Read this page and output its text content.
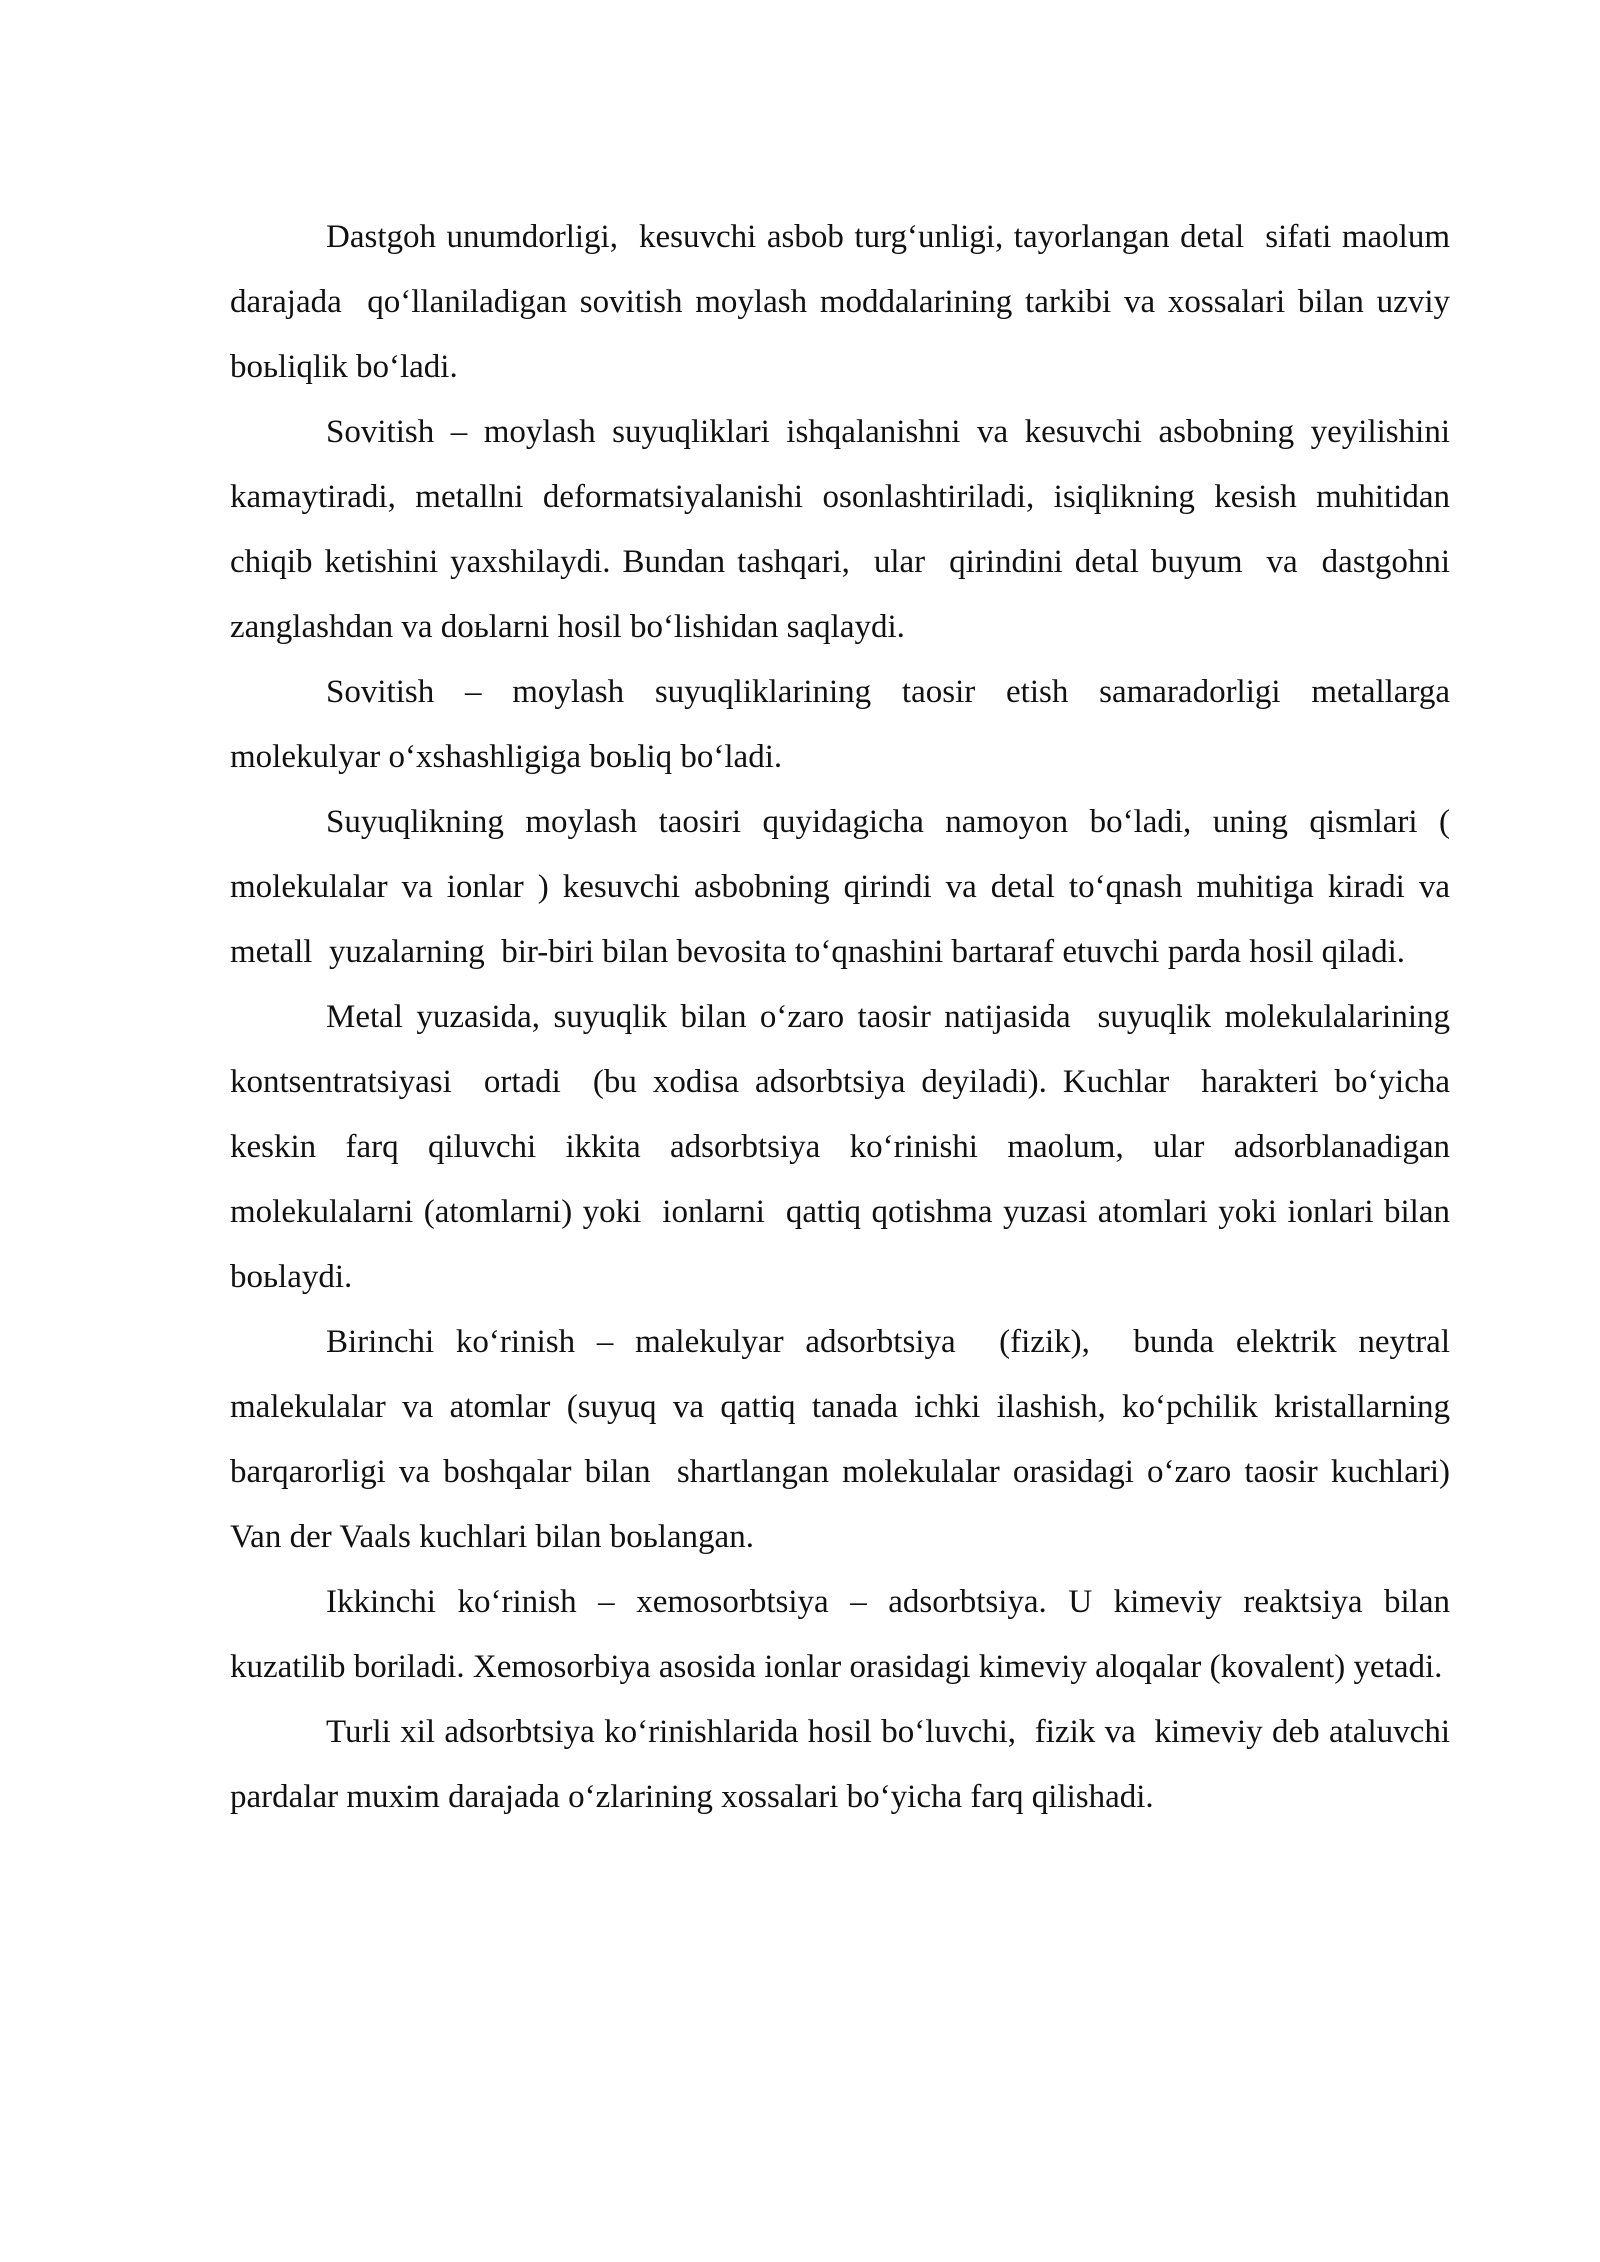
Dastgoh unumdorligi,  kesuvchi asbob turg‘unligi, tayorlangan detal  sifati maolum  darajada  qo‘llaniladigan sovitish moylash moddalarining tarkibi va xossalari bilan uzviy boьliqlik bo‘ladi.

Sovitish – moylash suyuqliklari ishqalanishni va kesuvchi asbobning yeyilishini kamaytiradi, metallni deformatsiyalanishi osonlashtiriladi, isiqlikning kesish muhitidan chiqib ketishini yaxshilaydi. Bundan tashqari,  ular  qirindini detal buyum  va  dastgohni  zanglashdan va doьlarni hosil bo‘lishidan saqlaydi.

Sovitish – moylash suyuqliklarining taosir etish samaradorligi metallarga molekulyar o‘xshashligiga boьliq bo‘ladi.

Suyuqlikning moylash taosiri quyidagicha namoyon bo‘ladi, uning qismlari (  molekulalar va ionlar ) kesuvchi asbobning qirindi va detal to‘qnash muhitiga kiradi va  metall  yuzalarning  bir-biri bilan bevosita to‘qnashini bartaraf etuvchi parda hosil qiladi.

Metal yuzasida, suyuqlik bilan o‘zaro taosir natijasida  suyuqlik molekulalarining  kontsentratsiyasi  ortadi  (bu xodisa adsorbtsiya deyiladi). Kuchlar  harakteri bo‘yicha keskin farq qiluvchi ikkita adsorbtsiya ko‘rinishi maolum, ular adsorblanadigan molekulalarni (atomlarni) yoki  ionlarni  qattiq qotishma yuzasi atomlari yoki ionlari bilan boьlaydi.

Birinchi ko‘rinish – malekulyar adsorbtsiya  (fizik),  bunda elektrik neytral  malekulalar va atomlar (suyuq va qattiq tanada ichki ilashish, ko‘pchilik kristallarning  barqarorligi va boshqalar bilan  shartlangan molekulalar orasidagi o‘zaro taosir kuchlari) Van der Vaals kuchlari bilan boьlangan.

Ikkinchi ko‘rinish – xemosorbtsiya – adsorbtsiya. U kimeviy reaktsiya bilan kuzatilib boriladi. Xemosorbiya asosida ionlar orasidagi kimeviy aloqalar (kovalent) yetadi.

Turli xil adsorbtsiya ko‘rinishlarida hosil bo‘luvchi,  fizik va  kimeviy deb ataluvchi pardalar muxim darajada o‘zlarining xossalari bo‘yicha farq qilishadi.
